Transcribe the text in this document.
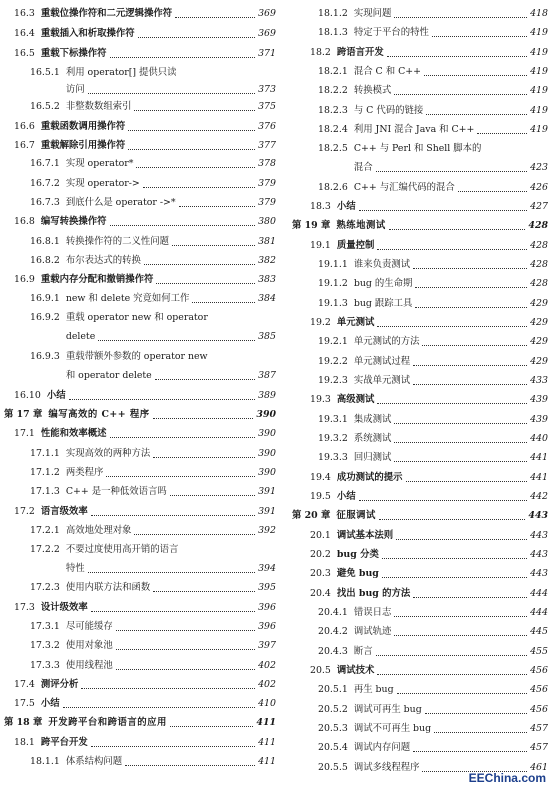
16.3 重载位操作符和二元逻辑操作符	369
16.4 重载插入和析取操作符	369
16.5 重载下标操作符	371
16.5.1 利用 operator[] 提供只读
访问	373
16.5.2 非整数数组索引	375
16.6 重载函数调用操作符	376
16.7 重载解除引用操作符	377
16.7.1 实现 operator*	378
16.7.2 实现 operator->	379
16.7.3 到底什么是 operator ->*	379
16.8 编写转换操作符	380
16.8.1 转换操作符的二义性问题	381
16.8.2 布尔表达式的转换	382
16.9 重载内存分配和撤销操作符	383
16.9.1 new 和 delete 究竟如何工作	384
16.9.2 重载 operator new 和 operator
delete	385
16.9.3 重载带额外参数的 operator new
和 operator delete	387
16.10 小结	389
第 17 章 编写高效的 C++ 程序	390
17.1 性能和效率概述	390
17.1.1 实现高效的两种方法	390
17.1.2 两类程序	390
17.1.3 C++ 是一种低效语言吗	391
17.2 语言级效率	391
17.2.1 高效地处理对象	392
17.2.2 不要过度使用高开销的语言
特性	394
17.2.3 使用内联方法和函数	395
17.3 设计级效率	396
17.3.1 尽可能缓存	396
17.3.2 使用对象池	397
17.3.3 使用线程池	402
17.4 测评分析	402
17.5 小结	410
第 18 章 开发跨平台和跨语言的应用	411
18.1 跨平台开发	411
18.1.1 体系结构问题	411
18.1.2 实现问题	418
18.1.3 特定于平台的特性	419
18.2 跨语言开发	419
18.2.1 混合 C 和 C++	419
18.2.2 转换模式	419
18.2.3 与 C 代码的链接	419
18.2.4 利用 JNI 混合 Java 和 C++	419
18.2.5 C++ 与 Perl 和 Shell 脚本的
混合	423
18.2.6 C++ 与汇编代码的混合	426
18.3 小结	427
第 19 章 熟练地测试	428
19.1 质量控制	428
19.1.1 谁来负责测试	428
19.1.2 bug 的生命期	428
19.1.3 bug 跟踪工具	429
19.2 单元测试	429
19.2.1 单元测试的方法	429
19.2.2 单元测试过程	429
19.2.3 实战单元测试	433
19.3 高级测试	439
19.3.1 集成测试	439
19.3.2 系统测试	440
19.3.3 回归测试	441
19.4 成功测试的提示	441
19.5 小结	442
第 20 章 征服调试	443
20.1 调试基本法则	443
20.2 bug 分类	443
20.3 避免 bug	443
20.4 找出 bug 的方法	444
20.4.1 错误日志	444
20.4.2 调试轨迹	445
20.4.3 断言	455
20.5 调试技术	456
20.5.1 再生 bug	456
20.5.2 调试可再生 bug	456
20.5.3 调试不可再生 bug	457
20.5.4 调试内存问题	457
20.5.5 调试多线程程序	461
EEChina.com
